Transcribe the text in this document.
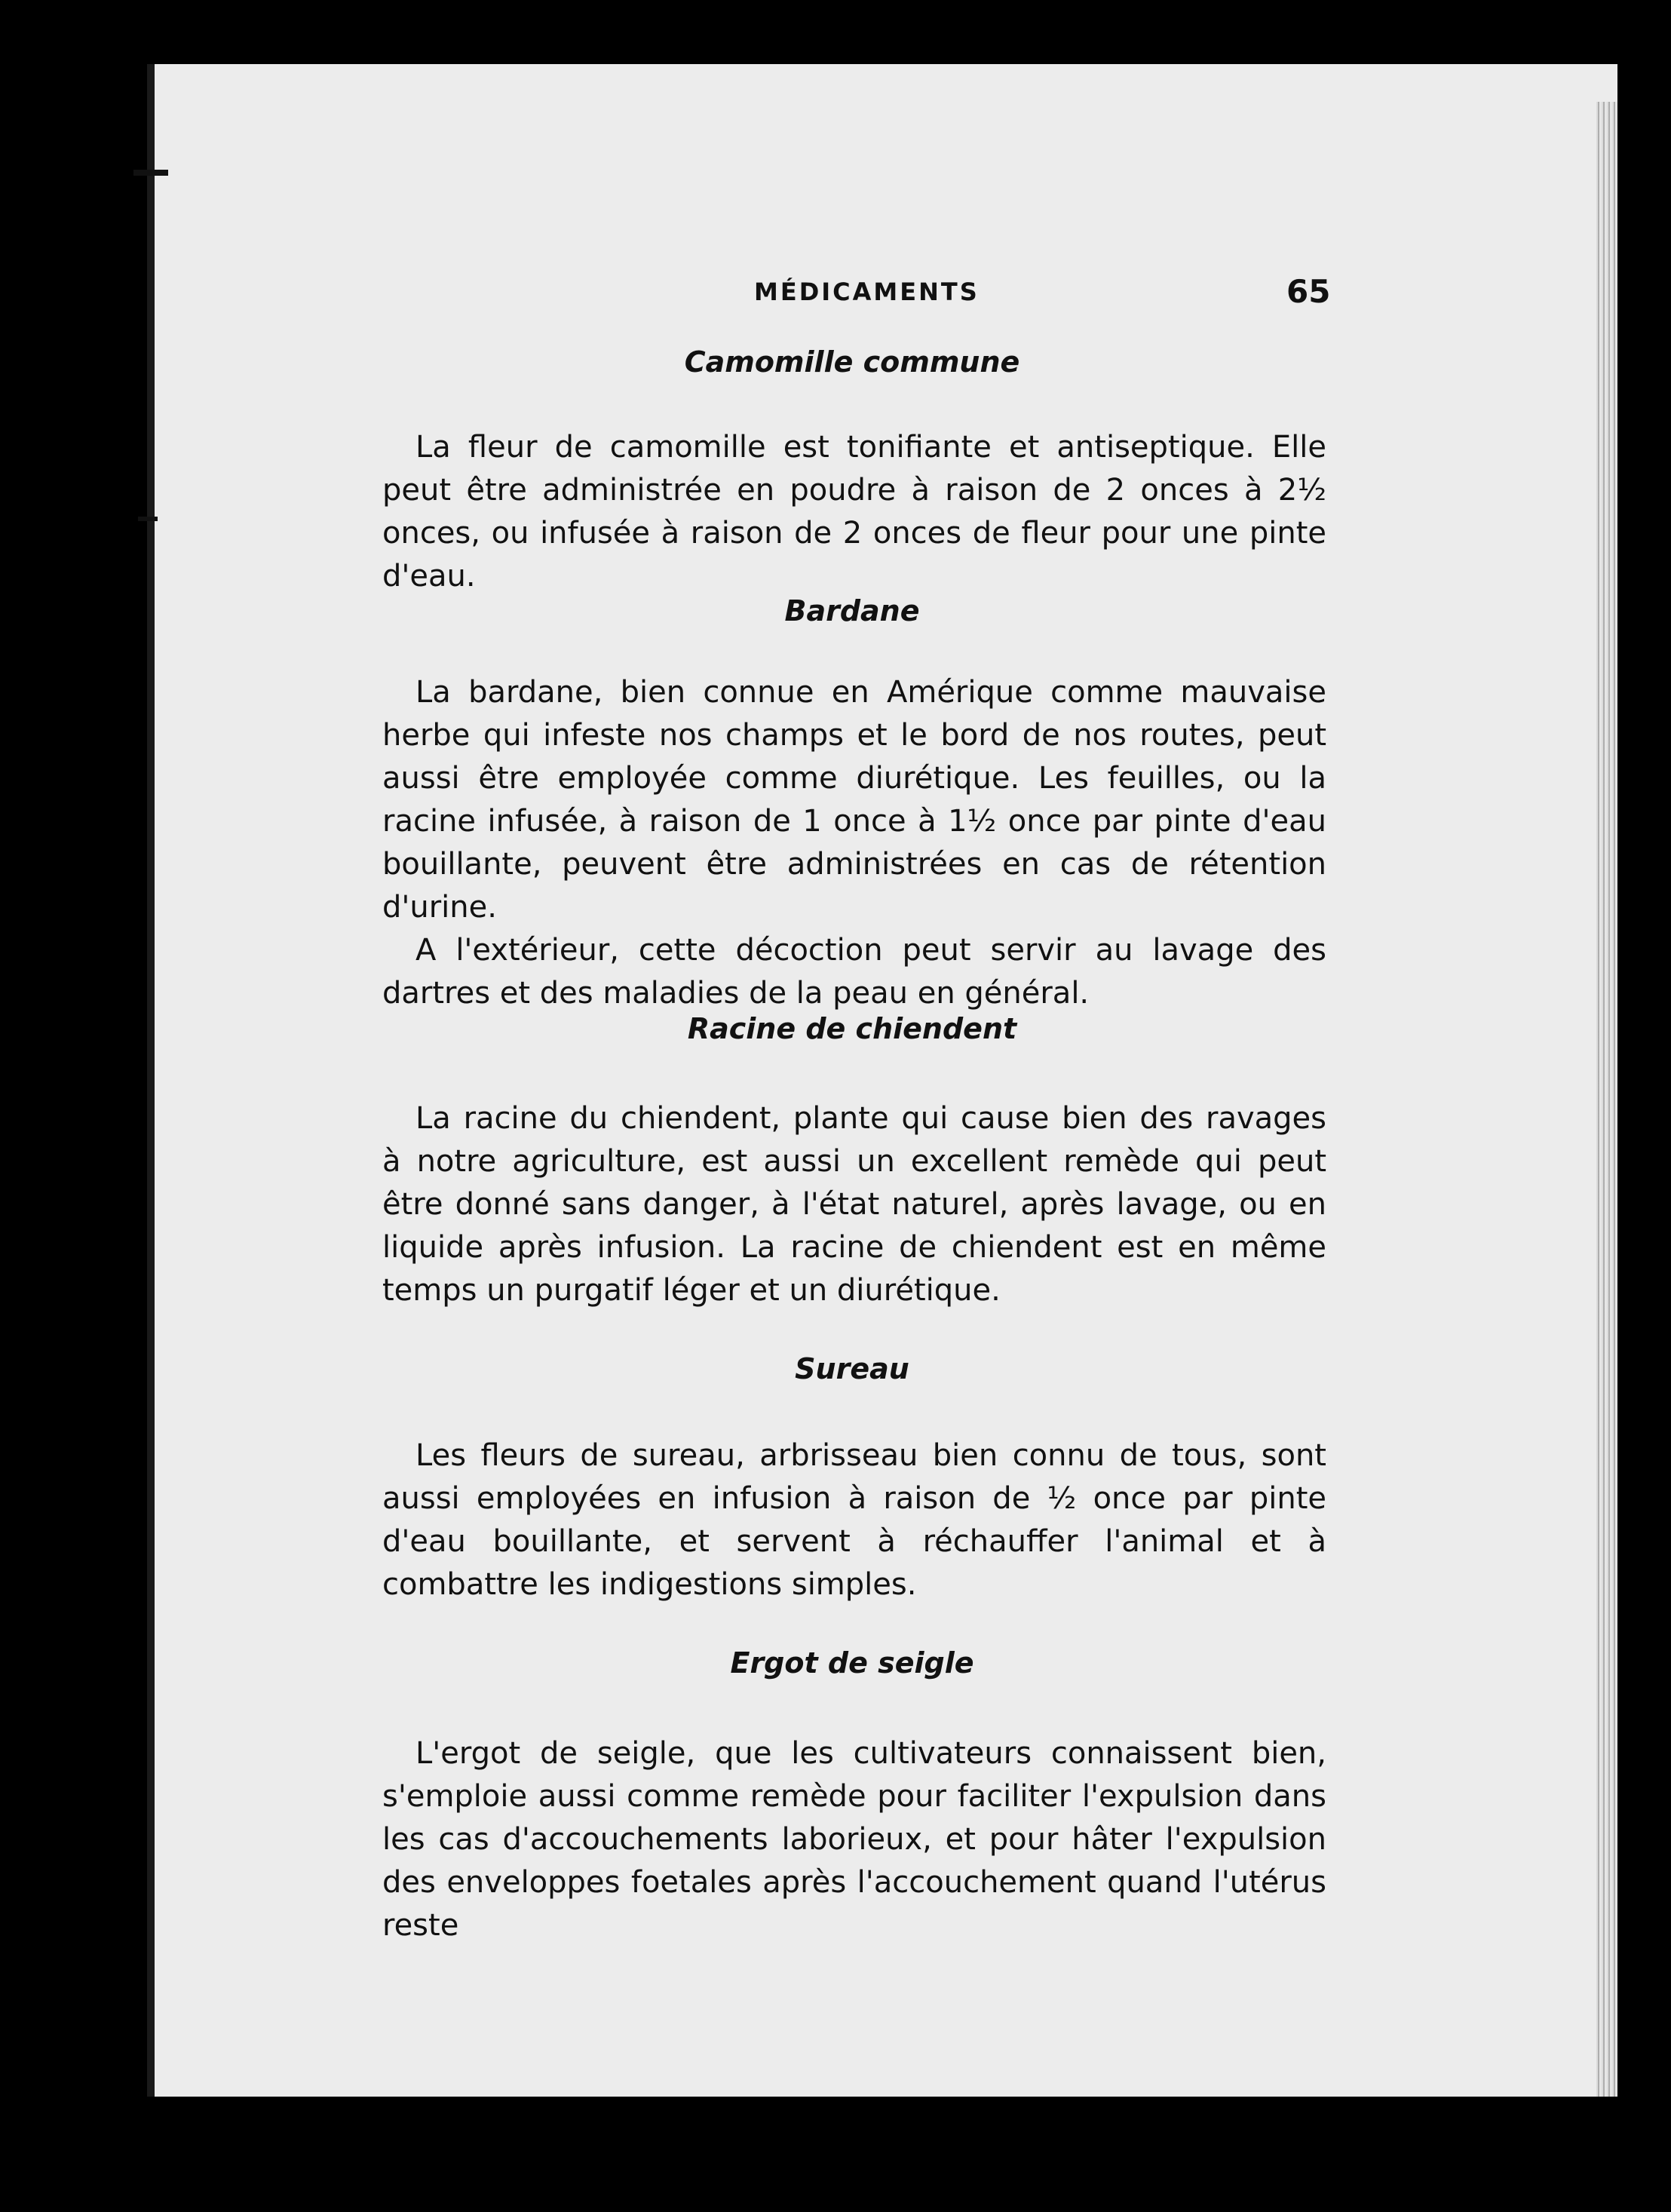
MÉDICAMENTS	65
Camomille commune

La fleur de camomille est tonifiante et antiseptique. Elle peut être administrée en poudre à raison de 2 onces à 2½ onces, ou infusée à raison de 2 onces de fleur pour une pinte d'eau.

Bardane

La bardane, bien connue en Amérique comme mauvaise herbe qui infeste nos champs et le bord de nos routes, peut aussi être employée comme diurétique. Les feuilles, ou la racine infusée, à raison de 1 once à 1½ once par pinte d'eau bouillante, peuvent être administrées en cas de rétention d'urine.

A l'extérieur, cette décoction peut servir au lavage des dartres et des maladies de la peau en général.

Racine de chiendent

La racine du chiendent, plante qui cause bien des ravages à notre agriculture, est aussi un excellent remède qui peut être donné sans danger, à l'état naturel, après lavage, ou en liquide après infusion. La racine de chiendent est en même temps un purgatif léger et un diurétique.

Sureau

Les fleurs de sureau, arbrisseau bien connu de tous, sont aussi employées en infusion à raison de ½ once par pinte d'eau bouillante, et servent à réchauffer l'animal et à combattre les indigestions simples.

Ergot de seigle

L'ergot de seigle, que les cultivateurs connaissent bien, s'emploie aussi comme remède pour faciliter l'expulsion dans les cas d'accouchements laborieux, et pour hâter l'expulsion des enveloppes foetales après l'accouchement quand l'utérus reste
